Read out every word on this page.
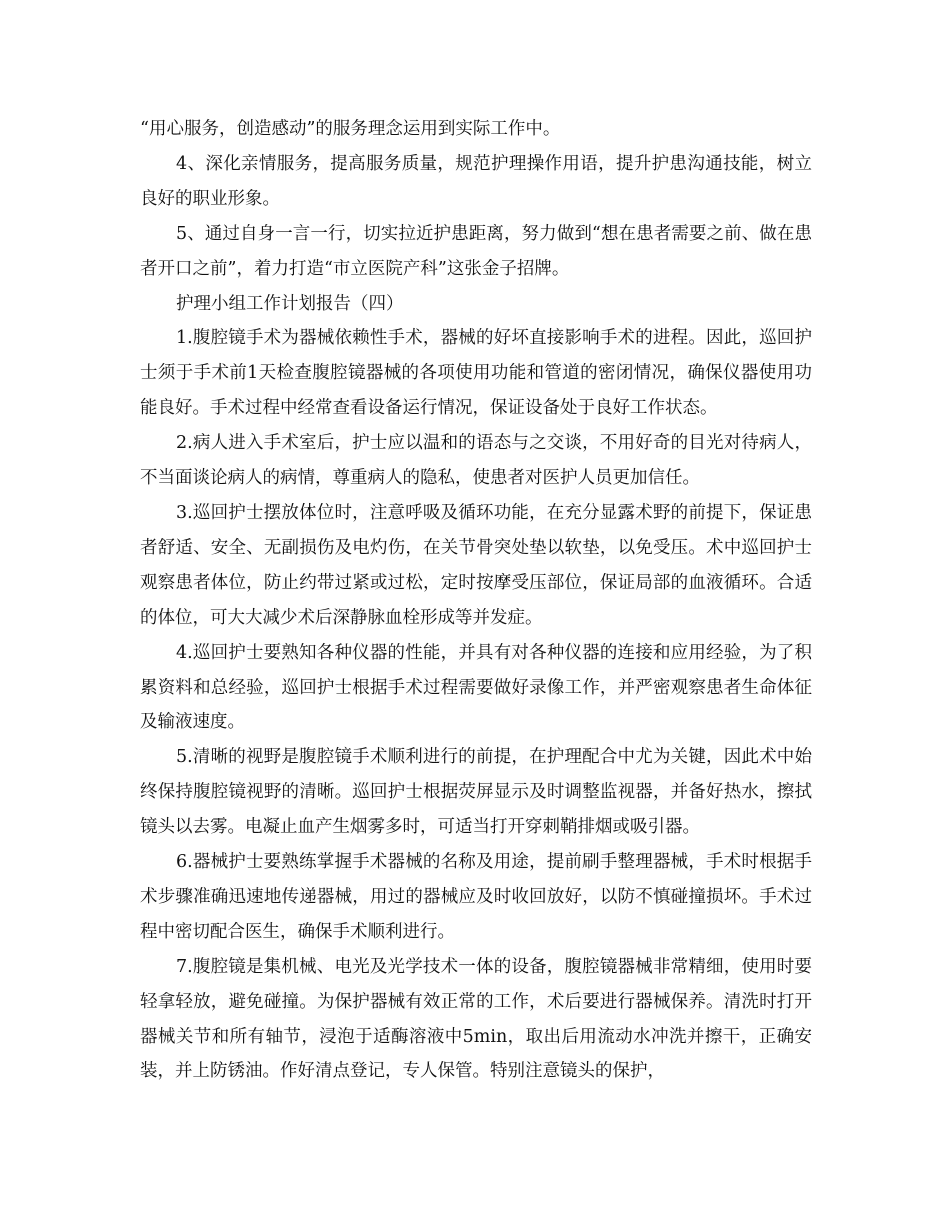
“用心服务，创造感动”的服务理念运用到实际工作中。

4、深化亲情服务，提高服务质量，规范护理操作用语，提升护患沟通技能，树立良好的职业形象。

5、通过自身一言一行，切实拉近护患距离，努力做到“想在患者需要之前、做在患者开口之前”，着力打造“市立医院产科”这张金子招牌。

护理小组工作计划报告（四）

1.腹腔镜手术为器械依赖性手术，器械的好坏直接影响手术的进程。因此，巡回护士须于手术前1天检查腹腔镜器械的各项使用功能和管道的密闭情况，确保仪器使用功能良好。手术过程中经常查看设备运行情况，保证设备处于良好工作状态。

2.病人进入手术室后，护士应以温和的语态与之交谈，不用好奇的目光对待病人，不当面谈论病人的病情，尊重病人的隐私，使患者对医护人员更加信任。

3.巡回护士摆放体位时，注意呼吸及循环功能，在充分显露术野的前提下，保证患者舒适、安全、无副损伤及电灼伤，在关节骨突处垫以软垫，以免受压。术中巡回护士观察患者体位，防止约带过紧或过松，定时按摩受压部位，保证局部的血液循环。合适的体位，可大大减少术后深静脉血栓形成等并发症。

4.巡回护士要熟知各种仪器的性能，并具有对各种仪器的连接和应用经验，为了积累资料和总经验，巡回护士根据手术过程需要做好录像工作，并严密观察患者生命体征及输液速度。

5.清晰的视野是腹腔镜手术顺利进行的前提，在护理配合中尤为关键，因此术中始终保持腹腔镜视野的清晰。巡回护士根据荧屏显示及时调整监视器，并备好热水，擦拭镜头以去雾。电凝止血产生烟雾多时，可适当打开穿刺鞘排烟或吸引器。

6.器械护士要熟练掌握手术器械的名称及用途，提前刷手整理器械，手术时根据手术步骤准确迅速地传递器械，用过的器械应及时收回放好，以防不慎碰撞损坏。手术过程中密切配合医生，确保手术顺利进行。

7.腹腔镜是集机械、电光及光学技术一体的设备，腹腔镜器械非常精细，使用时要轻拿轻放，避免碰撞。为保护器械有效正常的工作，术后要进行器械保养。清洗时打开器械关节和所有轴节，浸泡于适酶溶液中5min，取出后用流动水冲洗并擦干，正确安装，并上防锈油。作好清点登记，专人保管。特别注意镜头的保护，
